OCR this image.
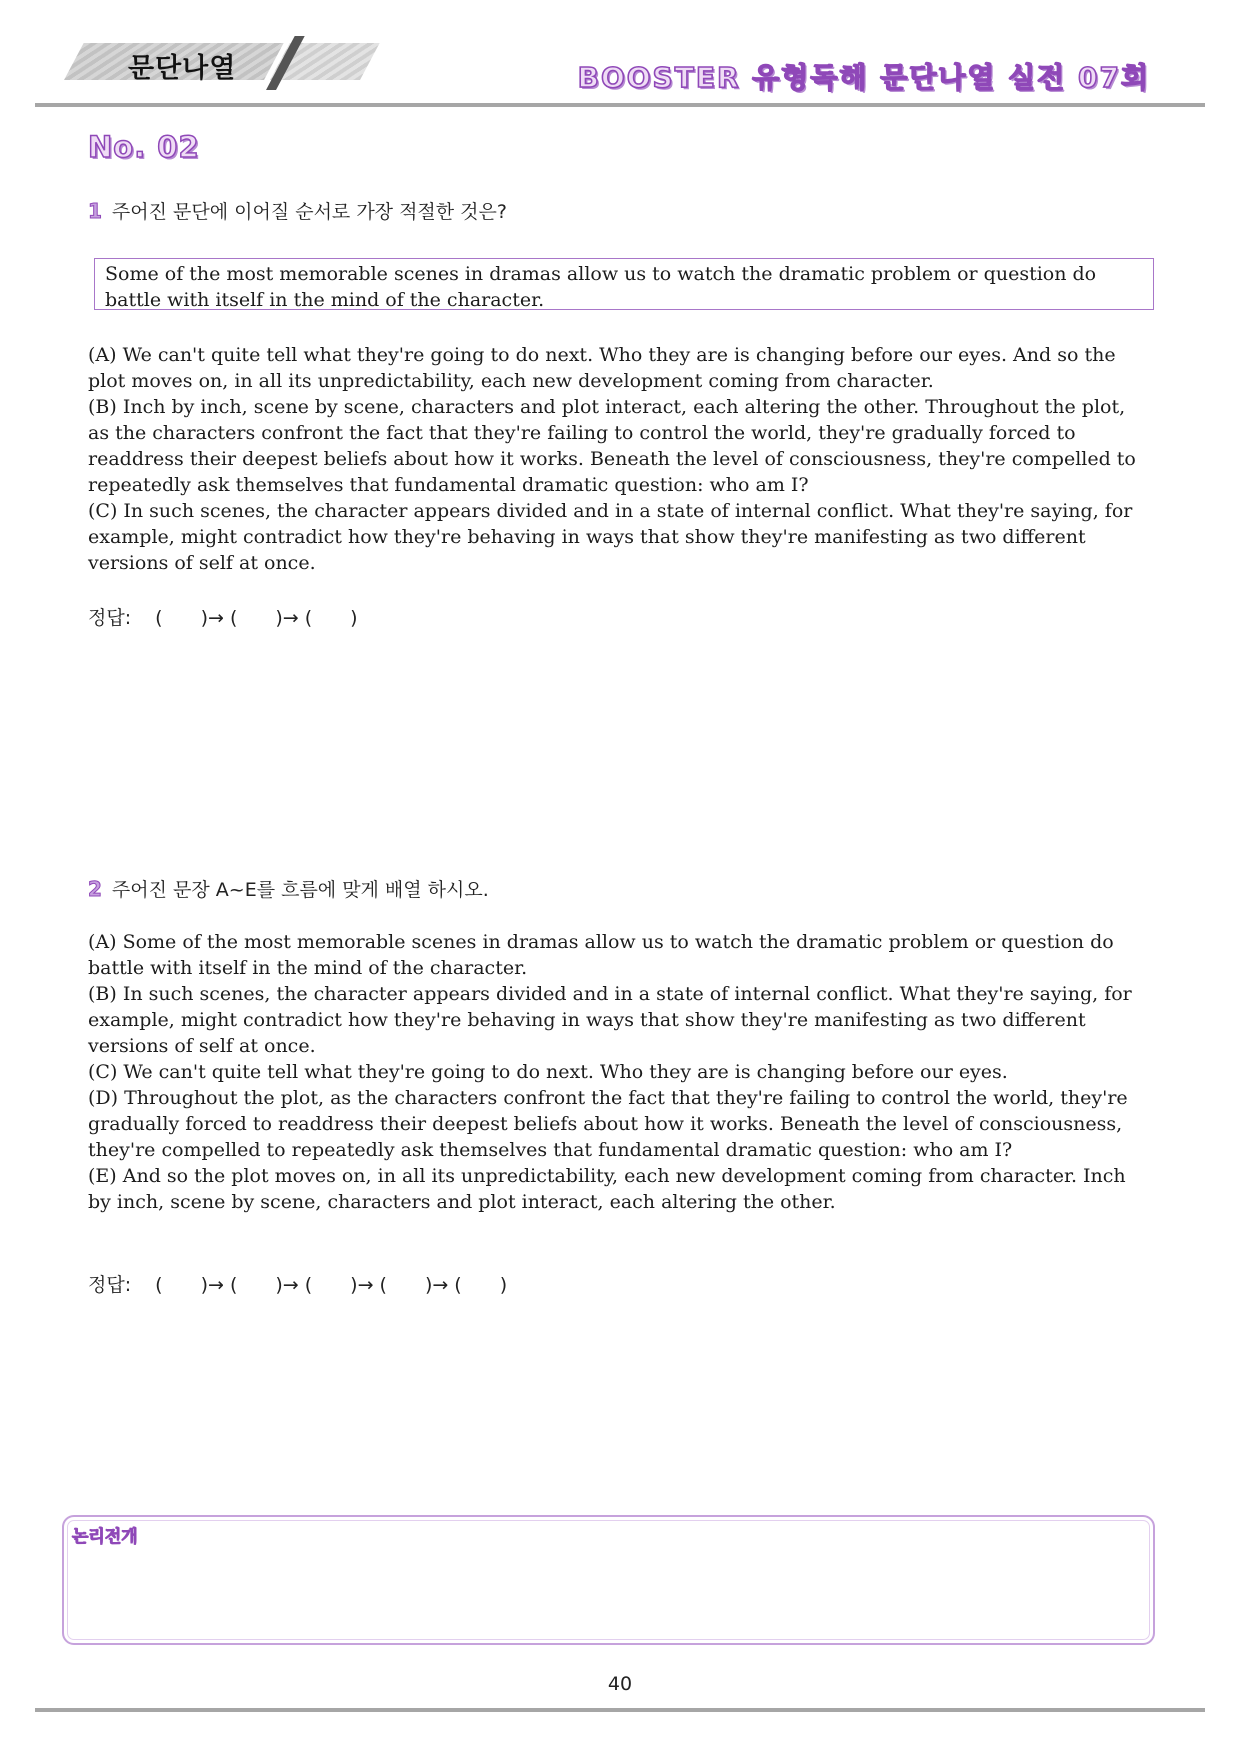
문단나열	BOOSTER 유형독해 문단나열 실전 07회
No. 02
1 주어진 문단에 이어질 순서로 가장 적절한 것은?
Some of the most memorable scenes in dramas allow us to watch the dramatic problem or question do battle with itself in the mind of the character.

(A) We can't quite tell what they're going to do next. Who they are is changing before our eyes. And so the plot moves on, in all its unpredictability, each new development coming from character.

(B) Inch by inch, scene by scene, characters and plot interact, each altering the other. Throughout the plot, as the characters confront the fact that they're failing to control the world, they're gradually forced to readdress their deepest beliefs about how it works. Beneath the level of consciousness, they're compelled to repeatedly ask themselves that fundamental dramatic question: who am I?

(C) In such scenes, the character appears divided and in a state of internal conflict. What they're saying, for example, might contradict how they're behaving in ways that show they're manifesting as two different versions of self at once.

정답: (　　)→ (　　)→ (　　)
2 주어진 문장 A~E를 흐름에 맞게 배열 하시오.

(A) Some of the most memorable scenes in dramas allow us to watch the dramatic problem or question do battle with itself in the mind of the character.

(B) In such scenes, the character appears divided and in a state of internal conflict. What they're saying, for example, might contradict how they're behaving in ways that show they're manifesting as two different versions of self at once.

(C) We can't quite tell what they're going to do next. Who they are is changing before our eyes.

(D) Throughout the plot, as the characters confront the fact that they're failing to control the world, they're gradually forced to readdress their deepest beliefs about how it works. Beneath the level of consciousness, they're compelled to repeatedly ask themselves that fundamental dramatic question: who am I?

(E) And so the plot moves on, in all its unpredictability, each new development coming from character. Inch by inch, scene by scene, characters and plot interact, each altering the other.

정답: (　　)→ (　　)→ (　　)→ (　　)→ (　　)
논리전개
40
